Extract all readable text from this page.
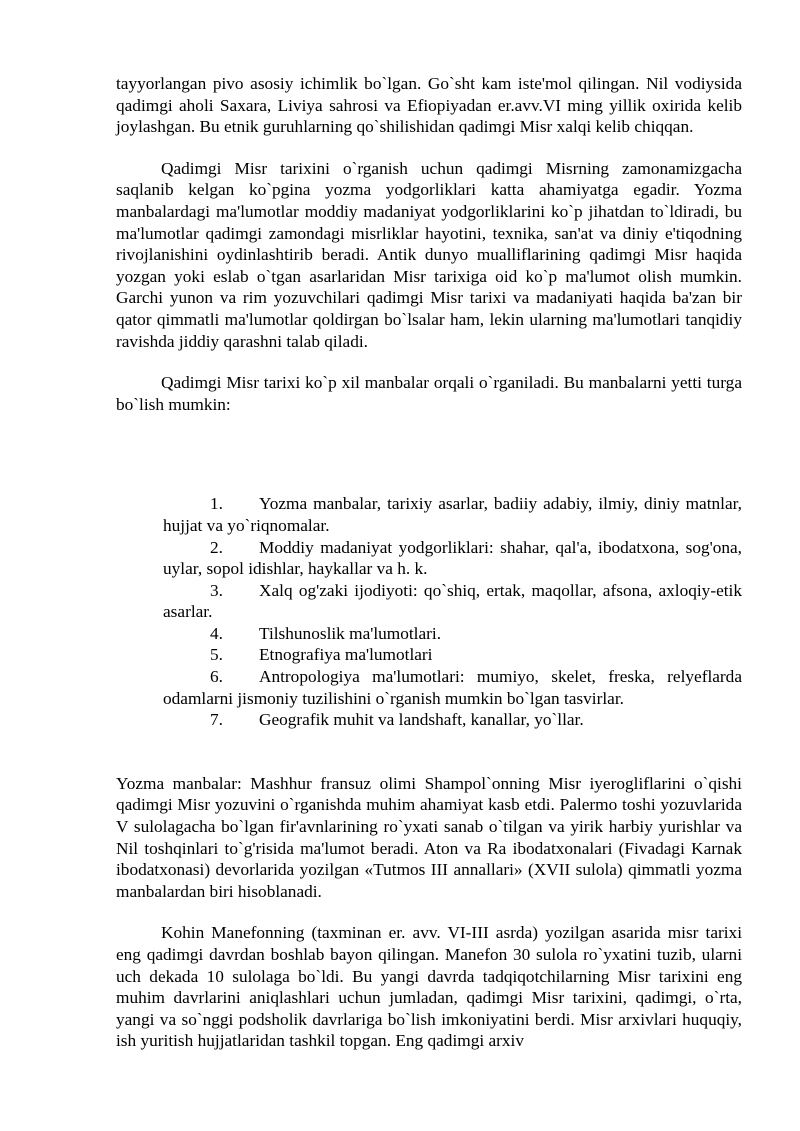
tayyorlangan pivo asosiy ichimlik bo`lgan. Go`sht kam iste'mol qilingan. Nil vodiysida qadimgi aholi Saxara, Liviya sahrosi va Efiopiyadan er.avv.VI ming yillik oxirida kelib joylashgan. Bu etnik guruhlarning qo`shilishidan qadimgi Misr xalqi kelib chiqqan.

Qadimgi Misr tarixini o`rganish uchun qadimgi Misrning zamonamizgacha saqlanib kelgan ko`pgina yozma yodgorliklari katta ahamiyatga egadir. Yozma manbalardagi ma'lumotlar moddiy madaniyat yodgorliklarini ko`p jihatdan to`ldiradi, bu ma'lumotlar qadimgi zamondagi misrliklar hayotini, texnika, san'at va diniy e'tiqodning rivojlanishini oydinlashtirib beradi. Antik dunyo mualliflarining qadimgi Misr haqida yozgan yoki eslab o`tgan asarlaridan Misr tarixiga oid ko`p ma'lumot olish mumkin. Garchi yunon va rim yozuvchilari qadimgi Misr tarixi va madaniyati haqida ba'zan bir qator qimmatli ma'lumotlar qoldirgan bo`lsalar ham, lekin ularning ma'lumotlari tanqidiy ravishda jiddiy qarashni talab qiladi.

Qadimgi Misr tarixi ko`p xil manbalar orqali o`rganiladi. Bu manbalarni yetti turga bo`lish mumkin:

1. Yozma manbalar, tarixiy asarlar, badiiy adabiy, ilmiy, diniy matnlar, hujjat va yo`riqnomalar.

2. Moddiy madaniyat yodgorliklari: shahar, qal'a, ibodatxona, sog'ona, uylar, sopol idishlar, haykallar va h. k.

3. Xalq og'zaki ijodiyoti: qo`shiq, ertak, maqollar, afsona, axloqiy-etik asarlar.

4. Tilshunoslik ma'lumotlari.

5. Etnografiya ma'lumotlari

6. Antropologiya ma'lumotlari: mumiyo, skelet, freska, relyeflarda odamlarni jismoniy tuzilishini o`rganish mumkin bo`lgan tasvirlar.

7. Geografik muhit va landshaft, kanallar, yo`llar.

Yozma manbalar: Mashhur fransuz olimi Shampol`onning Misr iyerogliflarini o`qishi qadimgi Misr yozuvini o`rganishda muhim ahamiyat kasb etdi. Palermo toshi yozuvlarida V sulolagacha bo`lgan fir'avnlarining ro`yxati sanab o`tilgan va yirik harbiy yurishlar va Nil toshqinlari to`g'risida ma'lumot beradi. Aton va Ra ibodatxonalari (Fivadagi Karnak ibodatxonasi) devorlarida yozilgan «Tutmos III annallari» (XVII sulola) qimmatli yozma manbalardan biri hisoblanadi.

Kohin Manefonning (taxminan er. avv. VI-III asrda) yozilgan asarida misr tarixi eng qadimgi davrdan boshlab bayon qilingan. Manefon 30 sulola ro`yxatini tuzib, ularni uch dekada 10 sulolaga bo`ldi. Bu yangi davrda tadqiqotchilarning Misr tarixini eng muhim davrlarini aniqlashlari uchun jumladan, qadimgi Misr tarixini, qadimgi, o`rta, yangi va so`nggi podsholik davrlariga bo`lish imkoniyatini berdi. Misr arxivlari huquqiy, ish yuritish hujjatlaridan tashkil topgan. Eng qadimgi arxiv
